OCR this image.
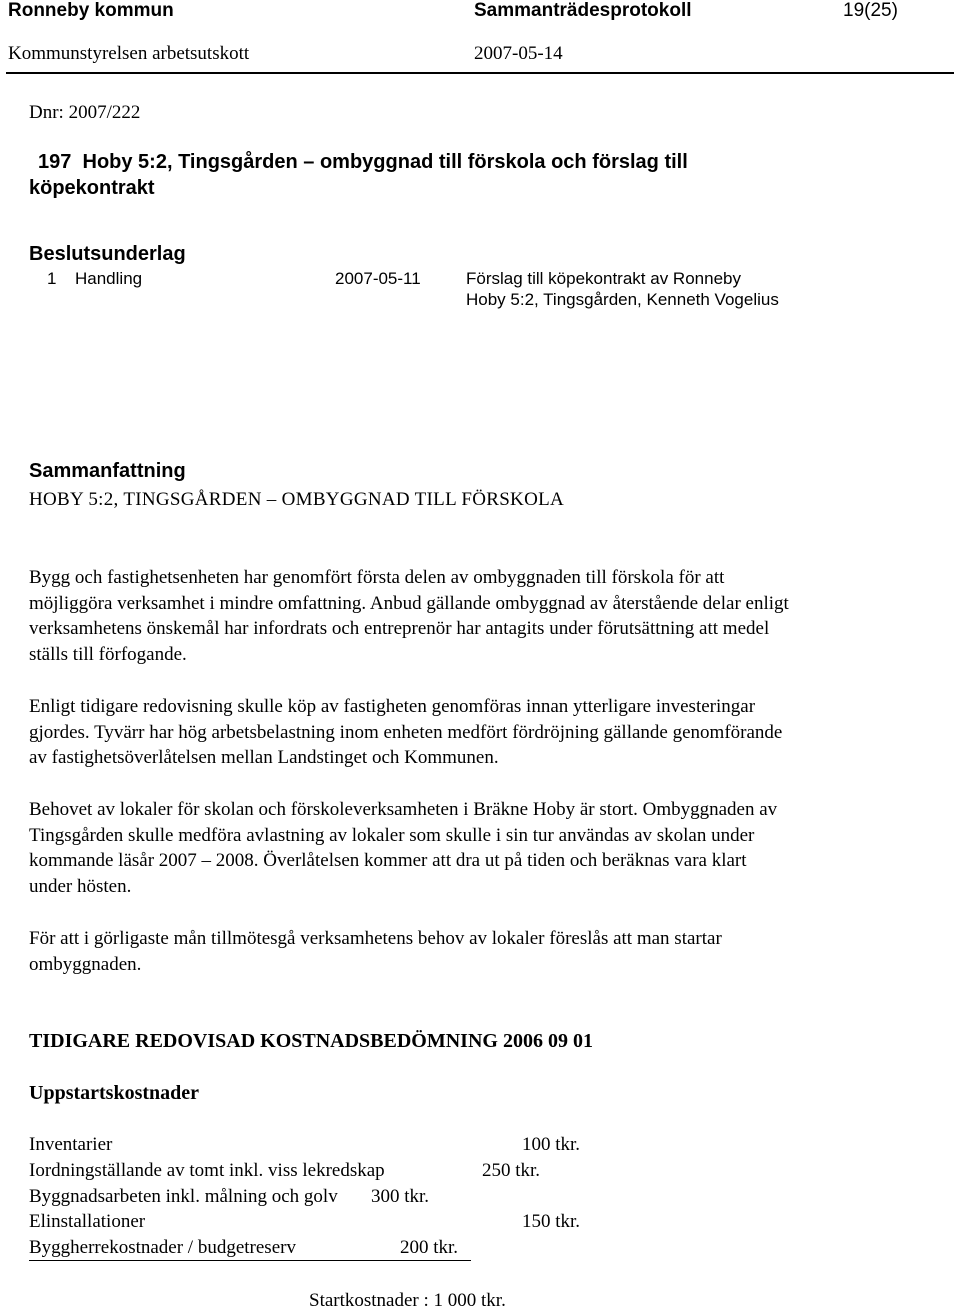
Ronneby kommun	Sammanträdesprotokoll	19(25)
Kommunstyrelsen arbetsutskott	2007-05-14
Dnr: 2007/222
197 Hoby 5:2, Tingsgården – ombyggnad till förskola och förslag till
köpekontrakt
Beslutsunderlag
1 Handling	2007-05-11	Förslag till köpekontrakt av Ronneby
Hoby 5:2, Tingsgården, Kenneth Vogelius
Sammanfattning
HOBY 5:2, TINGSGÅRDEN – OMBYGGNAD TILL FÖRSKOLA
Bygg och fastighetsenheten har genomfört första delen av ombyggnaden till förskola för att
möjliggöra verksamhet i mindre omfattning. Anbud gällande ombyggnad av återstående delar enligt
verksamhetens önskemål har infordrats och entreprenör har antagits under förutsättning att medel
ställs till förfogande.
Enligt tidigare redovisning skulle köp av fastigheten genomföras innan ytterligare investeringar
gjordes. Tyvärr har hög arbetsbelastning inom enheten medfört fördröjning gällande genomförande
av fastighetsöverlåtelsen mellan Landstinget och Kommunen.
Behovet av lokaler för skolan och förskoleverksamheten i Bräkne Hoby är stort. Ombyggnaden av
Tingsgården skulle medföra avlastning av lokaler som skulle i sin tur användas av skolan under
kommande läsår 2007 – 2008. Överlåtelsen kommer att dra ut på tiden och beräknas vara klart
under hösten.
För att i görligaste mån tillmötesgå verksamhetens behov av lokaler föreslås att man startar
ombyggnaden.
TIDIGARE REDOVISAD KOSTNADSBEDÖMNING 2006 09 01
Uppstartskostnader
Inventarier	100 tkr.
Iordningställande av tomt inkl. viss lekredskap	250 tkr.
Byggnadsarbeten inkl. målning och golv 300 tkr.
Elinstallationer	150 tkr.
Byggherrekostnader / budgetreserv	200 tkr.
Startkostnader : 1 000 tkr.
